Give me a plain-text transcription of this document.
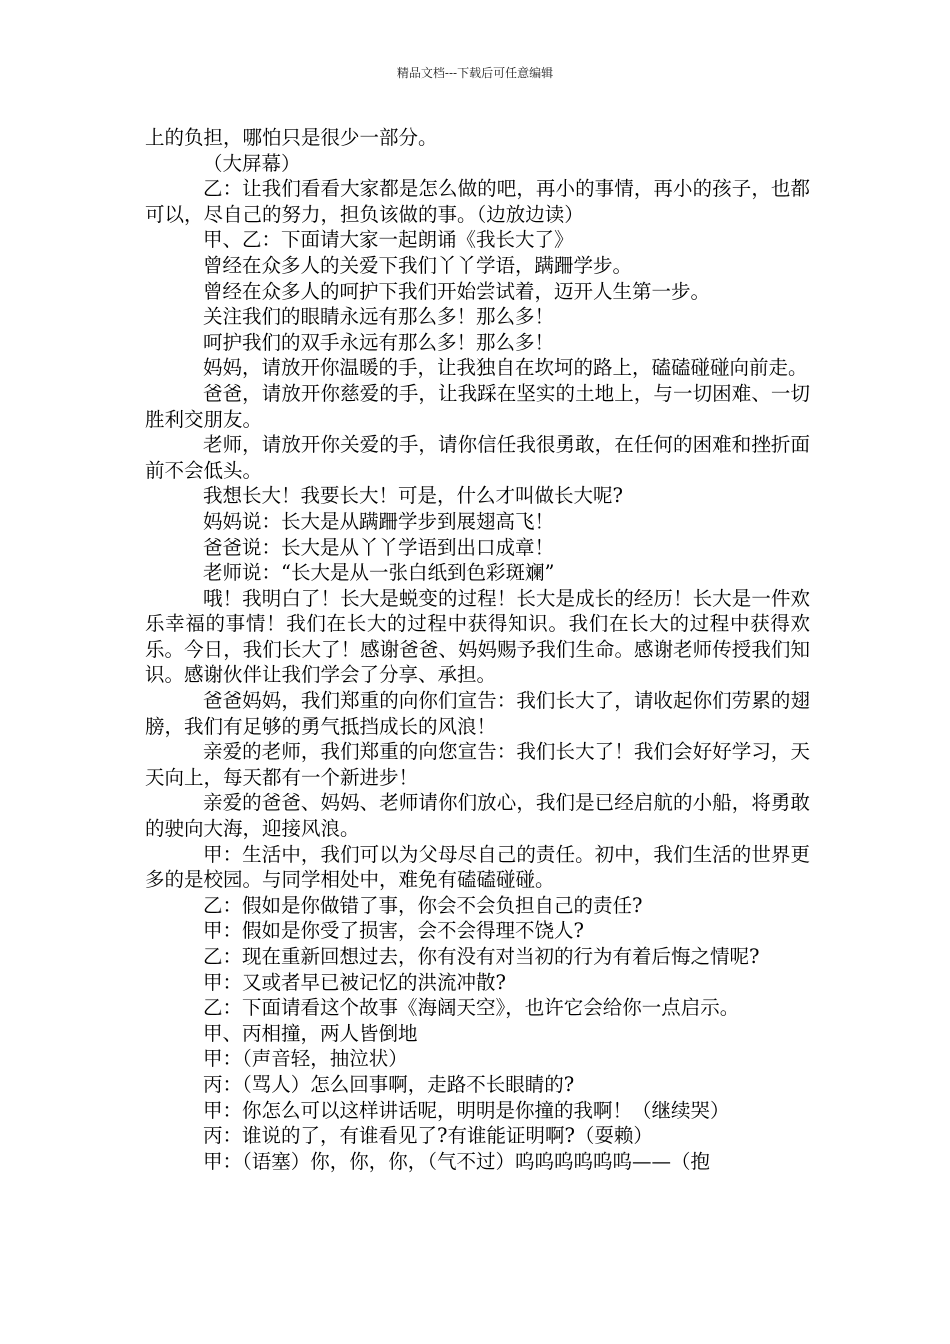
精品文档---下载后可任意编辑

上的负担，哪怕只是很少一部分。

（大屏幕）

乙：让我们看看大家都是怎么做的吧，再小的事情，再小的孩子，也都可以，尽自己的努力，担负该做的事。（边放边读）

甲、乙：下面请大家一起朗诵《我长大了》

曾经在众多人的关爱下我们丫丫学语，蹒跚学步。

曾经在众多人的呵护下我们开始尝试着，迈开人生第一步。

关注我们的眼睛永远有那么多！那么多！

呵护我们的双手永远有那么多！那么多！

妈妈，请放开你温暖的手，让我独自在坎坷的路上，磕磕碰碰向前走。

爸爸，请放开你慈爱的手，让我踩在坚实的土地上，与一切困难、一切胜利交朋友。

老师，请放开你关爱的手，请你信任我很勇敢，在任何的困难和挫折面前不会低头。

我想长大！我要长大！可是，什么才叫做长大呢?

妈妈说：长大是从蹒跚学步到展翅高飞！

爸爸说：长大是从丫丫学语到出口成章！

老师说：“长大是从一张白纸到色彩斑斓”

哦！我明白了！长大是蜕变的过程！长大是成长的经历！长大是一件欢乐幸福的事情！我们在长大的过程中获得知识。我们在长大的过程中获得欢乐。今日，我们长大了！感谢爸爸、妈妈赐予我们生命。感谢老师传授我们知识。感谢伙伴让我们学会了分享、承担。

爸爸妈妈，我们郑重的向你们宣告：我们长大了，请收起你们劳累的翅膀，我们有足够的勇气抵挡成长的风浪！

亲爱的老师，我们郑重的向您宣告：我们长大了！我们会好好学习，天天向上，每天都有一个新进步！

亲爱的爸爸、妈妈、老师请你们放心，我们是已经启航的小船，将勇敢的驶向大海，迎接风浪。

甲：生活中，我们可以为父母尽自己的责任。初中，我们生活的世界更多的是校园。与同学相处中，难免有磕磕碰碰。

乙：假如是你做错了事，你会不会负担自己的责任?

甲：假如是你受了损害，会不会得理不饶人?

乙：现在重新回想过去，你有没有对当初的行为有着后悔之情呢?

甲：又或者早已被记忆的洪流冲散?

乙：下面请看这个故事《海阔天空》，也许它会给你一点启示。

甲、丙相撞，两人皆倒地

甲：（声音轻，抽泣状）

丙：（骂人）怎么回事啊，走路不长眼睛的?

甲：你怎么可以这样讲话呢，明明是你撞的我啊！（继续哭）

丙：谁说的了，有谁看见了?有谁能证明啊?（耍赖）

甲：（语塞）你，你，你，（气不过）呜呜呜呜呜呜——（抱
